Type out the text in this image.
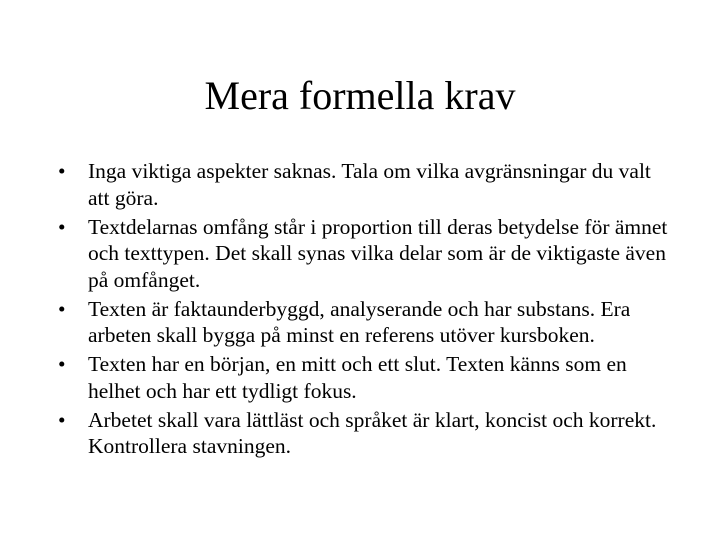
Mera formella krav
•	Inga viktiga aspekter saknas. Tala om vilka avgränsningar du valt att göra.
•	Textdelarnas omfång står i proportion till deras betydelse för ämnet och texttypen. Det skall synas vilka delar som är de viktigaste även på omfånget.
•	Texten är faktaunderbyggd, analyserande och har substans. Era arbeten skall bygga på minst en referens utöver kursboken.
•	Texten har en början, en mitt och ett slut. Texten känns som en helhet och har ett tydligt fokus.
•	Arbetet skall vara lättläst och språket är klart, koncist och korrekt. Kontrollera stavningen.
